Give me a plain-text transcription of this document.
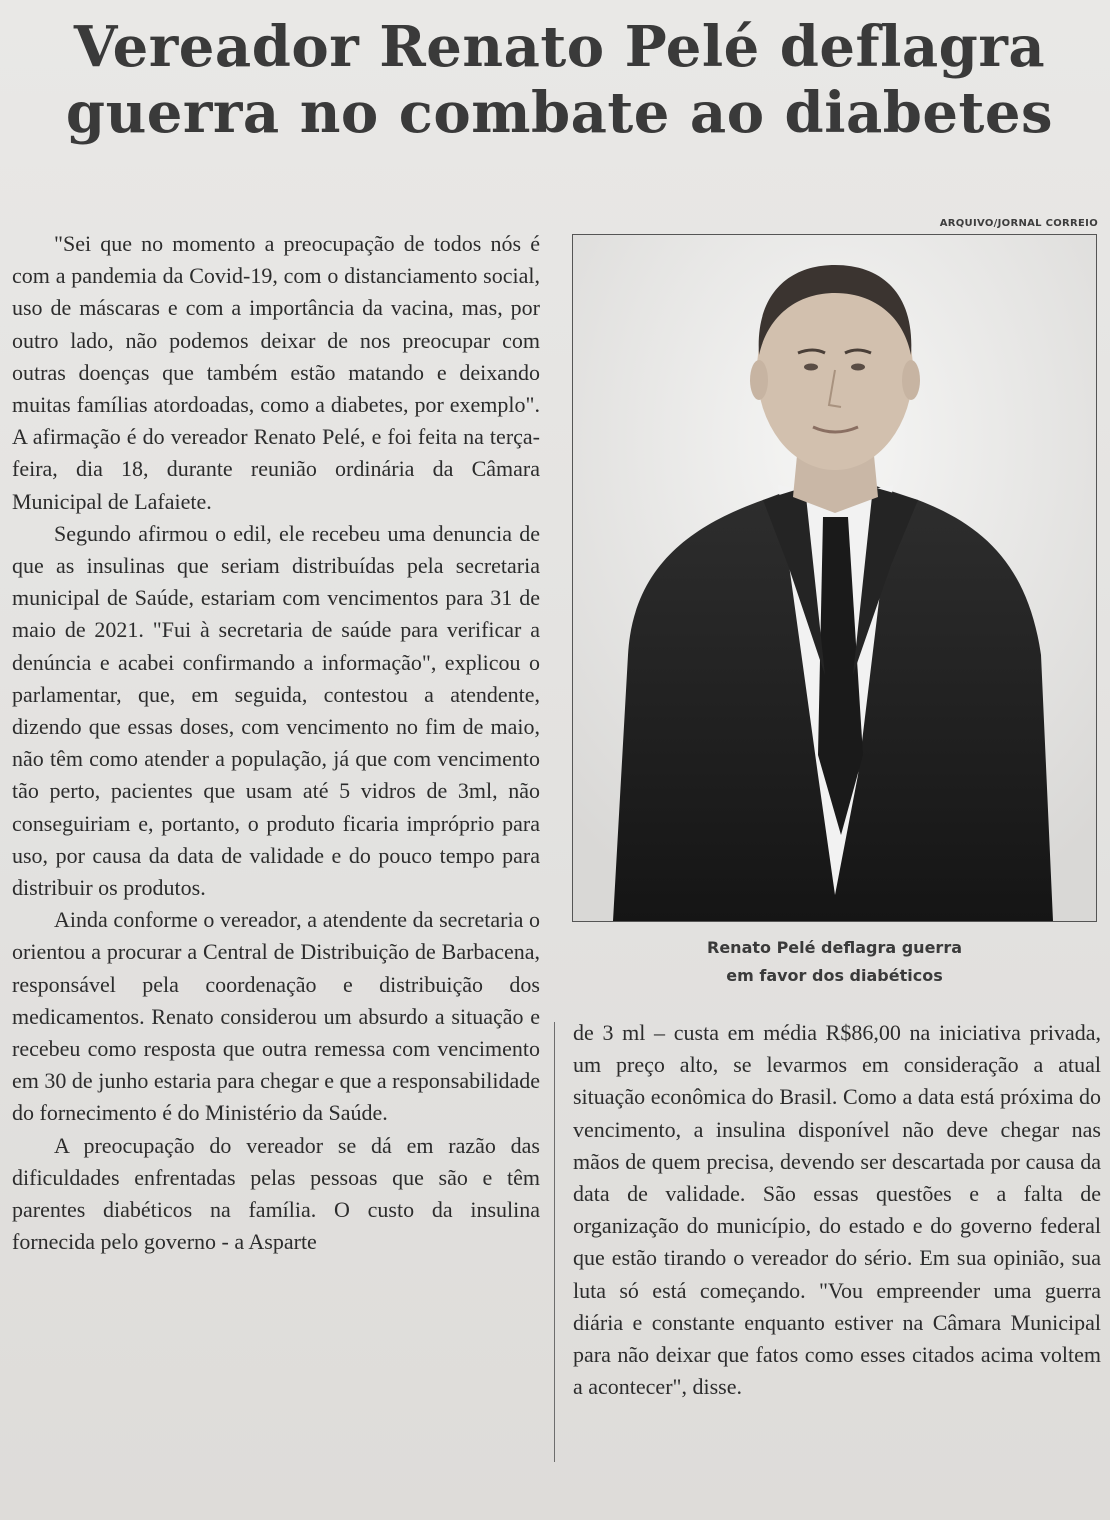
Vereador Renato Pelé deflagra guerra no combate ao diabetes
ARQUIVO/JORNAL CORREIO

"Sei que no momento a preocupação de todos nós é com a pandemia da Covid-19, com o distanciamento social, uso de máscaras e com a importância da vacina, mas, por outro lado, não podemos deixar de nos preocupar com outras doenças que também estão matando e deixando muitas famílias atordoadas, como a diabetes, por exemplo". A afirmação é do vereador Renato Pelé, e foi feita na terça-feira, dia 18, durante reunião ordinária da Câmara Municipal de Lafaiete.

Segundo afirmou o edil, ele recebeu uma denuncia de que as insulinas que seriam distribuídas pela secretaria municipal de Saúde, estariam com vencimentos para 31 de maio de 2021. "Fui à secretaria de saúde para verificar a denúncia e acabei confirmando a informação", explicou o parlamentar, que, em seguida, contestou a atendente, dizendo que essas doses, com vencimento no fim de maio, não têm como atender a população, já que com vencimento tão perto, pacientes que usam até 5 vidros de 3ml, não conseguiriam e, portanto, o produto ficaria impróprio para uso, por causa da data de validade e do pouco tempo para distribuir os produtos.

Ainda conforme o vereador, a atendente da secretaria o orientou a procurar a Central de Distribuição de Barbacena, responsável pela coordenação e distribuição dos medicamentos. Renato considerou um absurdo a situação e recebeu como resposta que outra remessa com vencimento em 30 de junho estaria para chegar e que a responsabilidade do fornecimento é do Ministério da Saúde.

A preocupação do vereador se dá em razão das dificuldades enfrentadas pelas pessoas que são e têm parentes diabéticos na família. O custo da insulina fornecida pelo governo - a Asparte

Renato Pelé deflagra guerra
em favor dos diabéticos

de 3 ml – custa em média R$86,00 na iniciativa privada, um preço alto, se levarmos em consideração a atual situação econômica do Brasil. Como a data está próxima do vencimento, a insulina disponível não deve chegar nas mãos de quem precisa, devendo ser descartada por causa da data de validade. São essas questões e a falta de organização do município, do estado e do governo federal que estão tirando o vereador do sério. Em sua opinião, sua luta só está começando. "Vou empreender uma guerra diária e constante enquanto estiver na Câmara Municipal para não deixar que fatos como esses citados acima voltem a acontecer", disse.
